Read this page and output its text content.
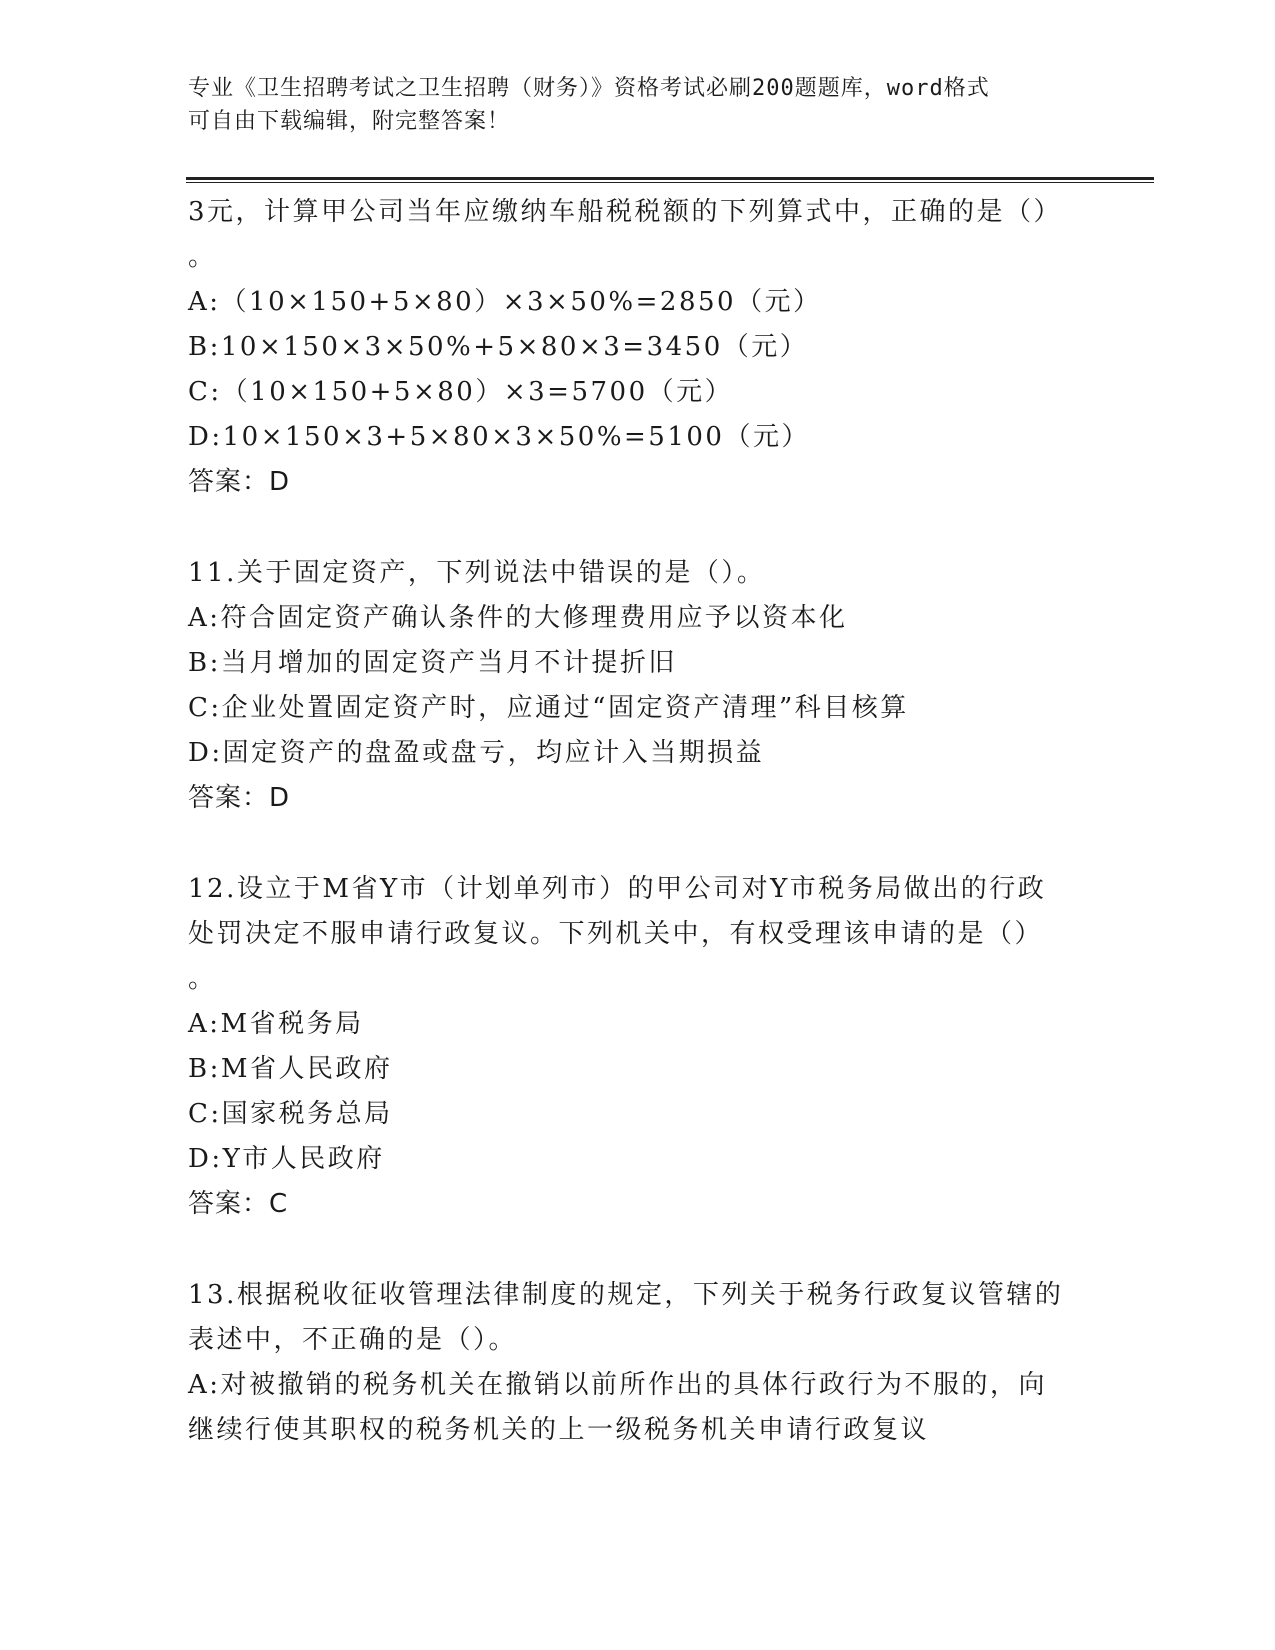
专业《卫生招聘考试之卫生招聘（财务）》资格考试必刷200题题库，word格式

可自由下载编辑，附完整答案！

3元，计算甲公司当年应缴纳车船税税额的下列算式中，正确的是（）
。
A:（10×150+5×80）×3×50%=2850（元）
B:10×150×3×50%+5×80×3=3450（元）
C:（10×150+5×80）×3=5700（元）
D:10×150×3+5×80×3×50%=5100（元）
答案：D
11.关于固定资产，下列说法中错误的是（）。
A:符合固定资产确认条件的大修理费用应予以资本化
B:当月增加的固定资产当月不计提折旧
C:企业处置固定资产时，应通过“固定资产清理”科目核算
D:固定资产的盘盈或盘亏，均应计入当期损益
答案：D
12.设立于M省Y市（计划单列市）的甲公司对Y市税务局做出的行政
处罚决定不服申请行政复议。下列机关中，有权受理该申请的是（）
。
A:M省税务局
B:M省人民政府
C:国家税务总局
D:Y市人民政府
答案：C
13.根据税收征收管理法律制度的规定，下列关于税务行政复议管辖的
表述中，不正确的是（）。
A:对被撤销的税务机关在撤销以前所作出的具体行政行为不服的，向
继续行使其职权的税务机关的上一级税务机关申请行政复议
